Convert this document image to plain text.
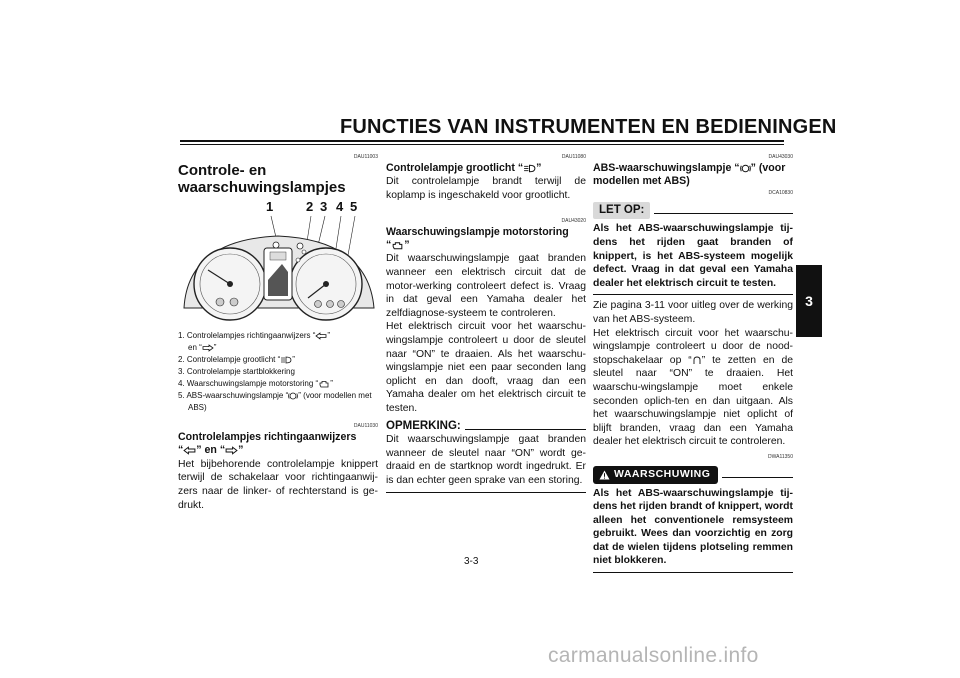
FUNCTIES VAN INSTRUMENTEN EN BEDIENINGEN
3
DAU11003
Controle- en waarschuwingslampjes
1	2 3 4 5
1. Controlelampjes richtingaanwijzers “ ”
en “ ”
2. Controlelampje grootlicht “ ”
3. Controlelampje startblokkering
4. Waarschuwingslampje motorstoring “ ”
5. ABS-waarschuwingslampje “ ” (voor modellen met ABS)
DAU11030
Controlelampjes richtingaanwijzers
“ ” en “ ”

Het bijbehorende controlelampje knippert terwijl de schakelaar voor richtingaanwij-zers naar de linker- of rechterstand is ge-drukt.

DAU11080
Controlelampje grootlicht “ ”

Dit controlelampje brandt terwijl de koplamp is ingeschakeld voor grootlicht.

DAU43020
Waarschuwingslampje motorstoring
“ ”

Dit waarschuwingslampje gaat branden wanneer een elektrisch circuit dat de motor-werking controleert defect is. Vraag in dat geval een Yamaha dealer het zelfdiagnose-systeem te controleren.

Het elektrisch circuit voor het waarschu-wingslampje controleert u door de sleutel naar “ON” te draaien. Als het waarschu-wingslampje niet een paar seconden lang oplicht en dan dooft, vraag dan een Yamaha dealer om het elektrisch circuit te testen.

OPMERKING:

Dit waarschuwingslampje gaat branden wanneer de sleutel naar “ON” wordt ge-draaid en de startknop wordt ingedrukt. Er is dan echter geen sprake van een storing.

DAU43030
ABS-waarschuwingslampje “ ” (voor modellen met ABS)
DCA10830
LET OP:

Als het ABS-waarschuwingslampje tij-dens het rijden gaat branden of knippert, is het ABS-systeem mogelijk defect. Vraag in dat geval een Yamaha dealer het elektrisch circuit te testen.

Zie pagina 3-11 voor uitleg over de werking van het ABS-systeem.

Het elektrisch circuit voor het waarschu-wingslampje controleert u door de nood-stopschakelaar op “ ” te zetten en de sleutel naar “ON” te draaien. Het waarschu-wingslampje moet enkele seconden oplich-ten en dan uitgaan. Als het waarschuwingslampje niet oplicht of blijft branden, vraag dan een Yamaha dealer het elektrisch circuit te controleren.

DWA11350
WAARSCHUWING

Als het ABS-waarschuwingslampje tij-dens het rijden brandt of knippert, wordt alleen het conventionele remsysteem gebruikt. Wees dan voorzichtig en zorg dat de wielen tijdens plotseling remmen niet blokkeren.

3-3
carmanualsonline.info
